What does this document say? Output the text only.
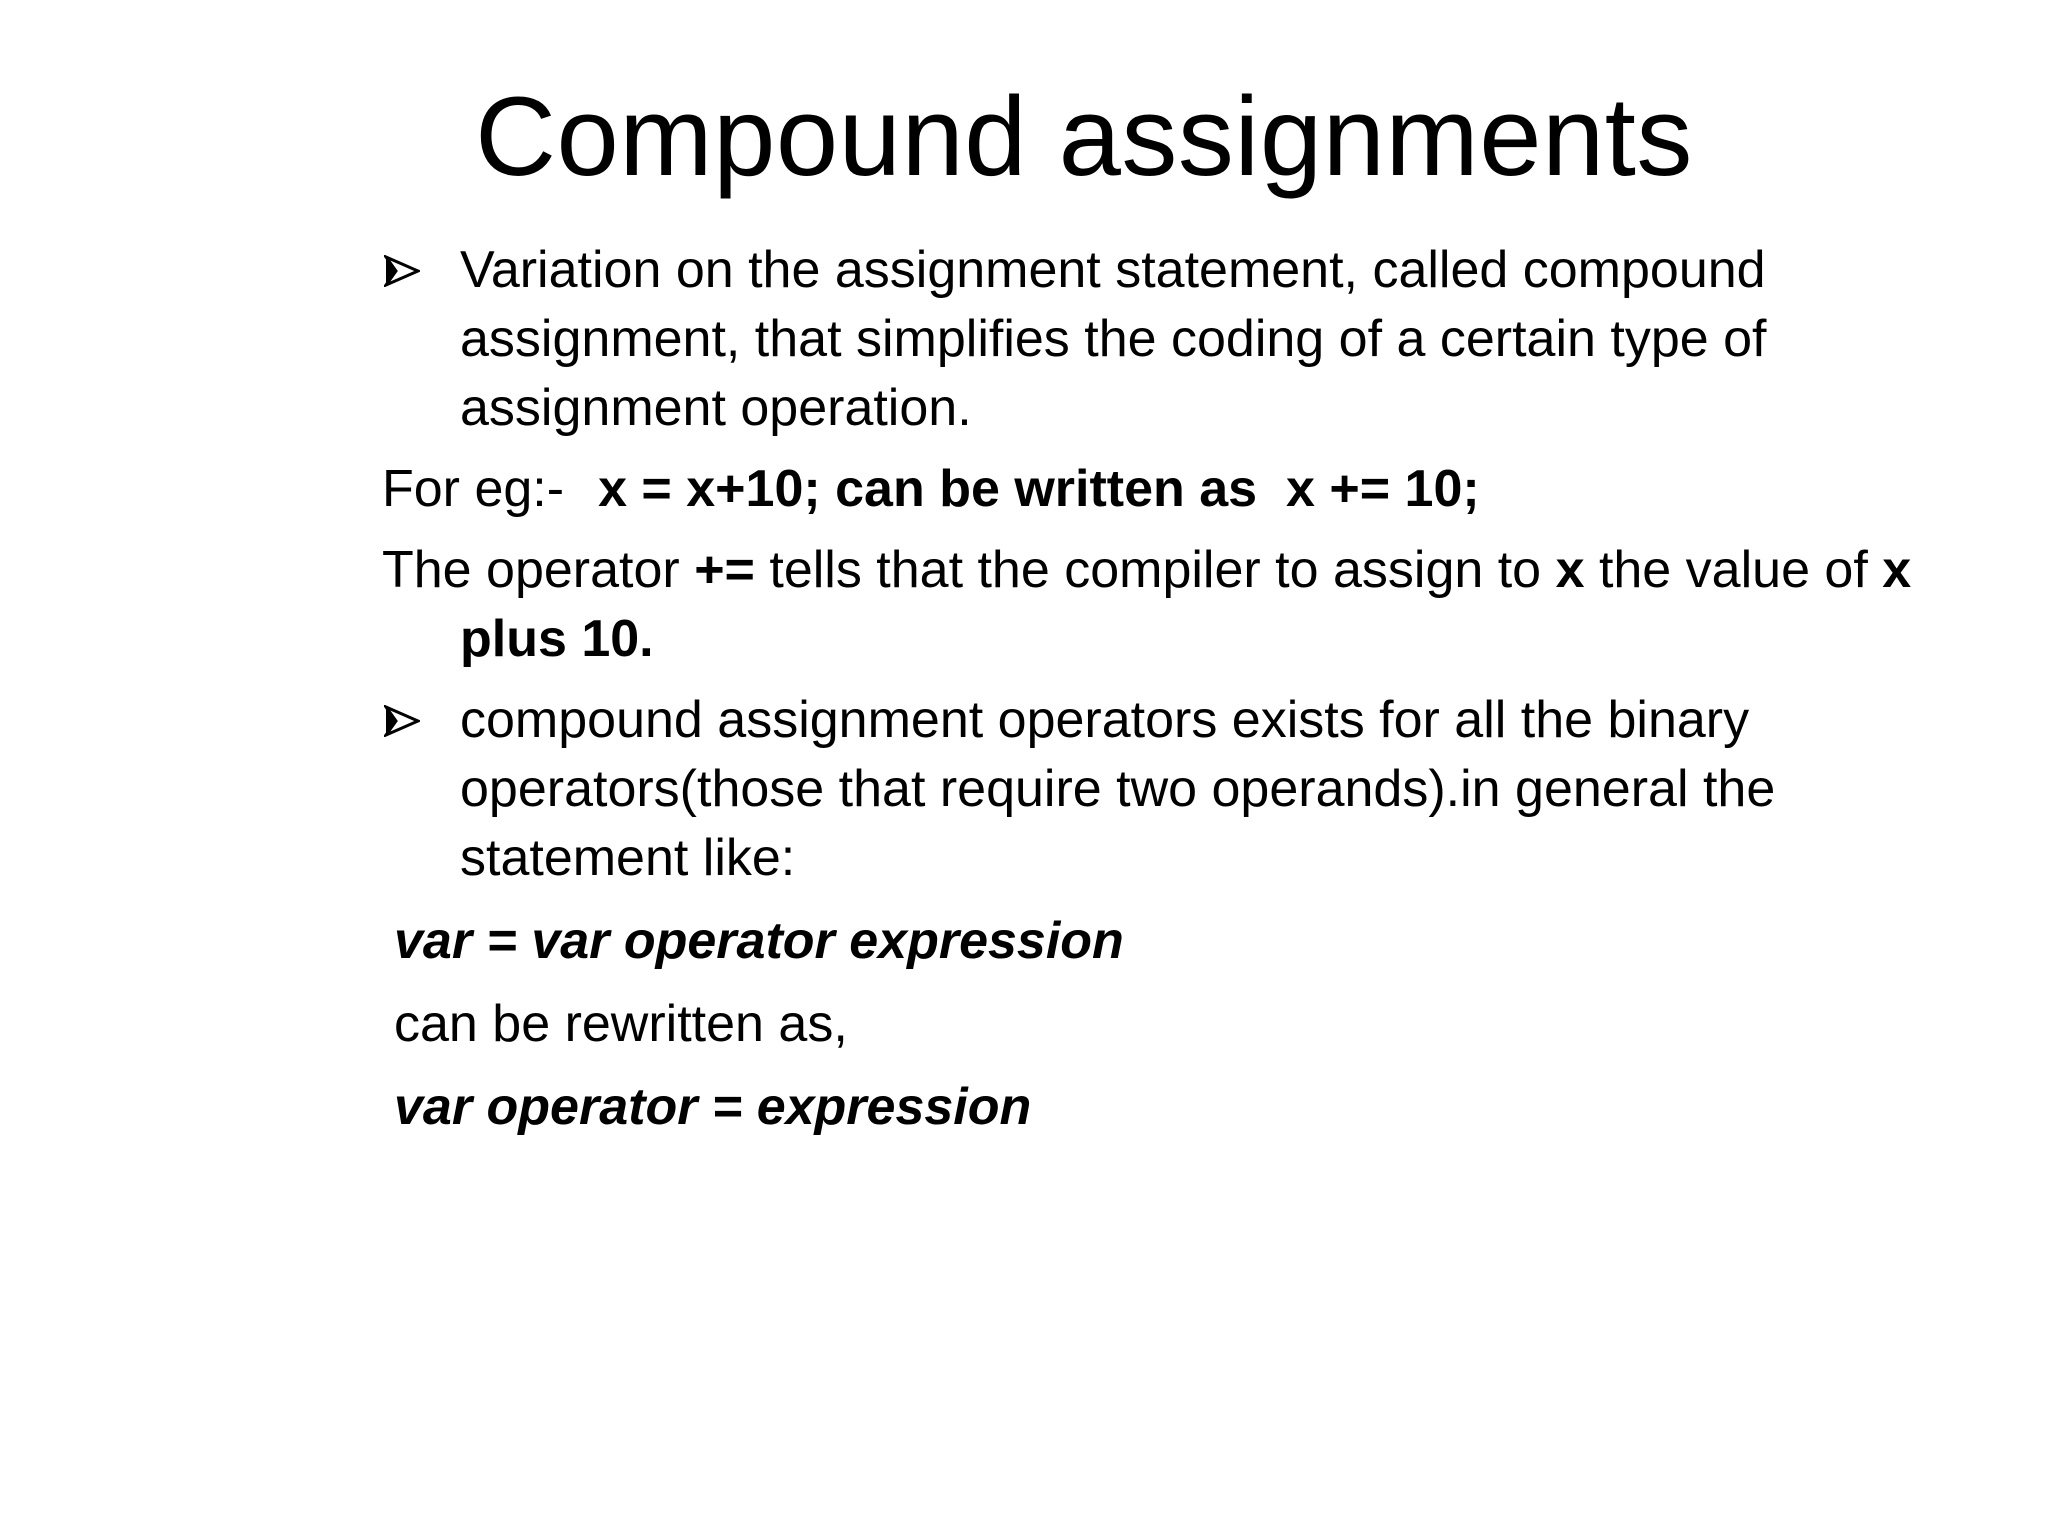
Compound assignments
Variation on the assignment statement, called compound assignment, that simplifies the coding of a certain type of assignment operation.
For eg:- x = x+10; can be written as x += 10;
The operator += tells that the compiler to assign to x the value of x plus 10.
compound assignment operators exists for all the binary operators(those that require two operands).in general the statement like:
var = var operator expression
can be rewritten as,
var operator = expression
